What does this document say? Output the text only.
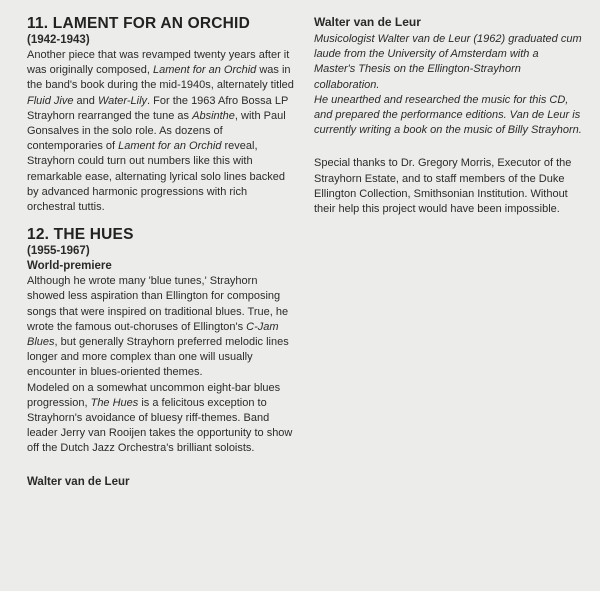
11. LAMENT FOR AN ORCHID
(1942-1943)

Another piece that was revamped twenty years after it was originally composed, Lament for an Orchid was in the band's book during the mid-1940s, alternately titled Fluid Jive and Water-Lily. For the 1963 Afro Bossa LP Strayhorn rearranged the tune as Absinthe, with Paul Gonsalves in the solo role. As dozens of contemporaries of Lament for an Orchid reveal, Strayhorn could turn out numbers like this with remarkable ease, alternating lyrical solo lines backed by advanced harmonic progressions with rich orchestral tuttis.

12. THE HUES
(1955-1967)
World-premiere

Although he wrote many 'blue tunes,' Strayhorn showed less aspiration than Ellington for composing songs that were inspired on traditional blues. True, he wrote the famous out-choruses of Ellington's C-Jam Blues, but generally Strayhorn preferred melodic lines longer and more complex than one will usually encounter in blues-oriented themes.

Modeled on a somewhat uncommon eight-bar blues progression, The Hues is a felicitous exception to Strayhorn's avoidance of bluesy riff-themes. Band leader Jerry van Rooijen takes the opportunity to show off the Dutch Jazz Orchestra's brilliant soloists.

Walter van de Leur
Walter van de Leur

Musicologist Walter van de Leur (1962) graduated cum laude from the University of Amsterdam with a Master's Thesis on the Ellington-Strayhorn collaboration.

He unearthed and researched the music for this CD, and prepared the performance editions. Van de Leur is currently writing a book on the music of Billy Strayhorn.

Special thanks to Dr. Gregory Morris, Executor of the Strayhorn Estate, and to staff members of the Duke Ellington Collection, Smithsonian Institution. Without their help this project would have been impossible.
